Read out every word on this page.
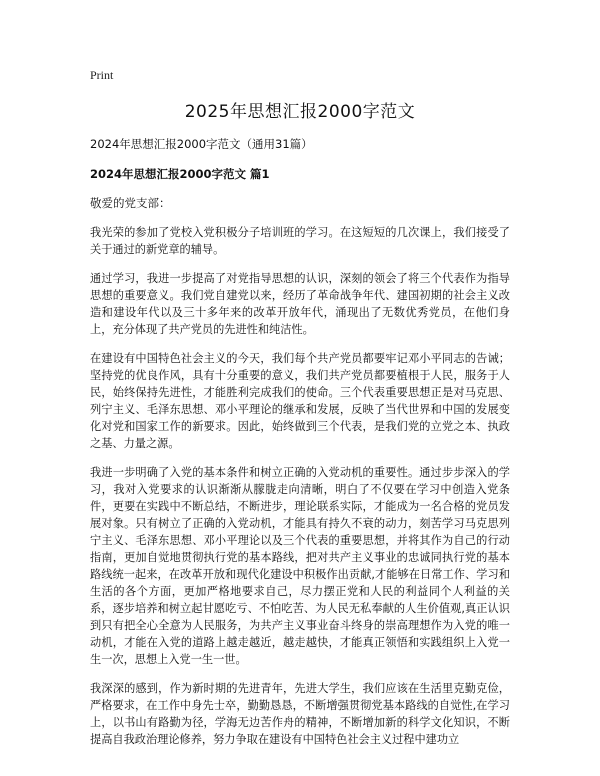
Print
2025年思想汇报2000字范文
2024年思想汇报2000字范文（通用31篇）
2024年思想汇报2000字范文 篇1
敬爱的党支部：

我光荣的参加了党校入党积极分子培训班的学习。在这短短的几次课上，我们接受了关于通过的新党章的辅导。

通过学习，我进一步提高了对党指导思想的认识，深刻的领会了将三个代表作为指导思想的重要意义。我们党自建党以来，经历了革命战争年代、建国初期的社会主义改造和建设年代以及三十多年来的改革开放年代，涌现出了无数优秀党员，在他们身上，充分体现了共产党员的先进性和纯洁性。

在建设有中国特色社会主义的今天，我们每个共产党员都要牢记邓小平同志的告诫；坚持党的优良作风，具有十分重要的意义，我们共产党员都要植根于人民，服务于人民，始终保持先进性，才能胜利完成我们的使命。三个代表重要思想正是对马克思、列宁主义、毛泽东思想、邓小平理论的继承和发展，反映了当代世界和中国的发展变化对党和国家工作的新要求。因此，始终做到三个代表，是我们党的立党之本、执政之基、力量之源。

我进一步明确了入党的基本条件和树立正确的入党动机的重要性。通过步步深入的学习，我对入党要求的认识渐渐从朦胧走向清晰，明白了不仅要在学习中创造入党条件，更要在实践中不断总结，不断进步，理论联系实际，才能成为一名合格的党员发展对象。只有树立了正确的入党动机，才能具有持久不衰的动力，刻苦学习马克思列宁主义、毛泽东思想、邓小平理论以及三个代表的重要思想，并将其作为自己的行动指南，更加自觉地贯彻执行党的基本路线，把对共产主义事业的忠诚同执行党的基本路线统一起来，在改革开放和现代化建设中积极作出贡献,才能够在日常工作、学习和生活的各个方面，更加严格地要求自己，尽力摆正党和人民的利益同个人利益的关系，逐步培养和树立起甘愿吃亏、不怕吃苦、为人民无私奉献的人生价值观,真正认识到只有把全心全意为人民服务，为共产主义事业奋斗终身的崇高理想作为入党的唯一动机，才能在入党的道路上越走越近，越走越快，才能真正领悟和实践组织上入党一生一次，思想上入党一生一世。

我深深的感到，作为新时期的先进青年，先进大学生，我们应该在生活里克勤克俭，严格要求，在工作中身先士卒，勤勤恳恳，不断增强贯彻党基本路线的自觉性,在学习上，以书山有路勤为径，学海无边苦作舟的精神，不断增加新的科学文化知识，不断提高自我政治理论修养，努力争取在建设有中国特色社会主义过程中建功立
